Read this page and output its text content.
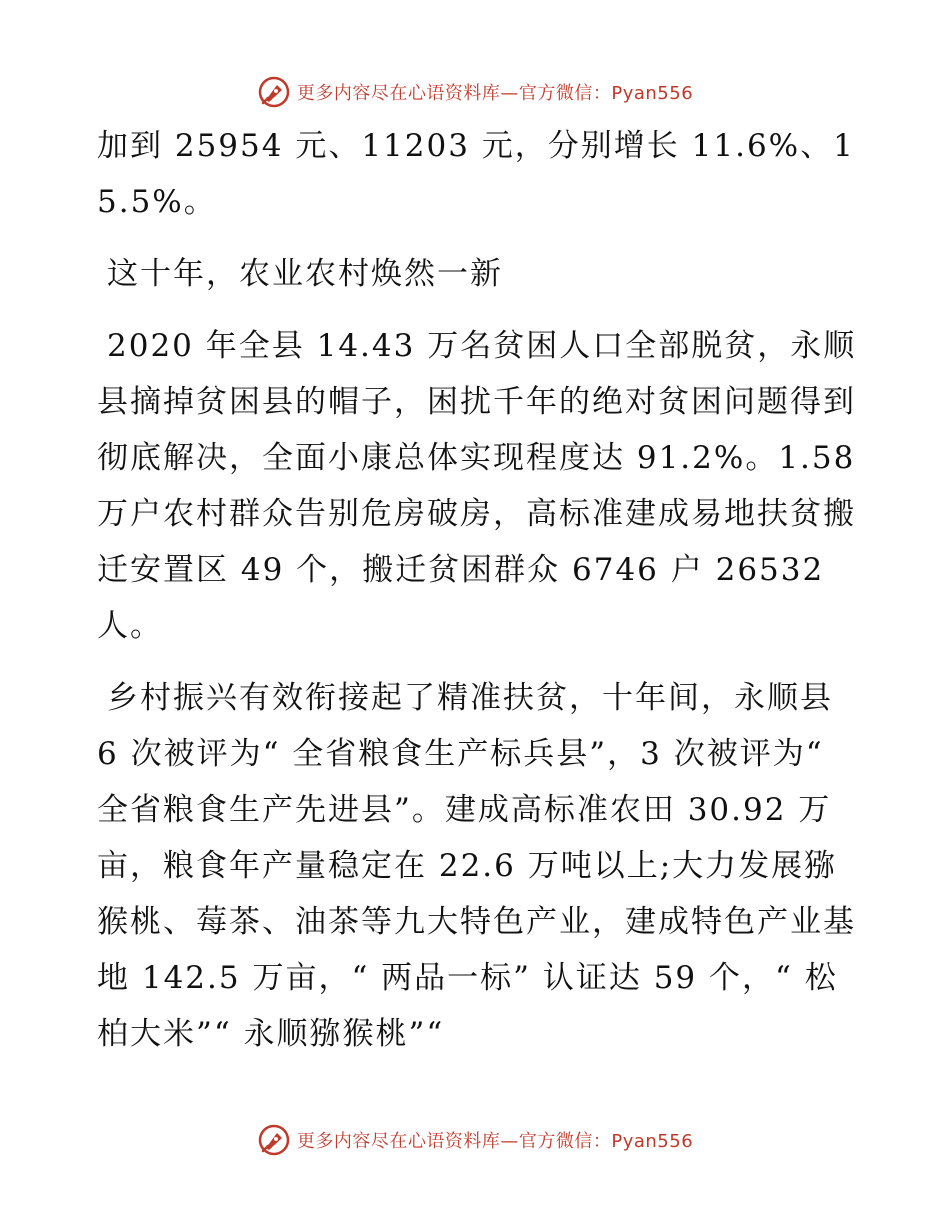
更多内容尽在心语资料库—官方微信：Pyan556

加到 25954 元、11203 元，分别增长 11.6%、15.5%。

这十年，农业农村焕然一新

2020 年全县 14.43 万名贫困人口全部脱贫，永顺县摘掉贫困县的帽子，困扰千年的绝对贫困问题得到彻底解决，全面小康总体实现程度达 91.2%。1.58 万户农村群众告别危房破房，高标准建成易地扶贫搬迁安置区 49 个，搬迁贫困群众 6746 户 26532 人。

乡村振兴有效衔接起了精准扶贫，十年间，永顺县 6 次被评为“ 全省粮食生产标兵县”，3 次被评为“ 全省粮食生产先进县”。建成高标准农田 30.92 万亩，粮食年产量稳定在 22.6 万吨以上;大力发展猕猴桃、莓茶、油茶等九大特色产业，建成特色产业基地 142.5 万亩，“ 两品一标” 认证达 59 个，“ 松柏大米”“ 永顺猕猴桃”“

更多内容尽在心语资料库—官方微信：Pyan556
